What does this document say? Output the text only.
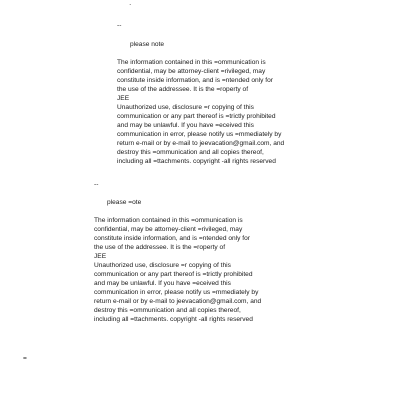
--
please note
The information contained in this =ommunication is
confidential, may be attorney-client =rivileged, may
constitute inside information, and is =ntended only for
the use of the addressee. It is the =roperty of
JEE
Unauthorized use, disclosure =r copying of this
communication or any part thereof is =trictly prohibited
and may be unlawful. If you have =eceived this
communication in error, please notify us =mmediately by
return e-mail or by e-mail to jeevacation@gmail.com, and
destroy this =ommunication and all copies thereof,
including all =ttachments. copyright -all rights reserved
--
please =ote
The information contained in this =ommunication is
confidential, may be attorney-client =rivileged, may
constitute inside information, and is =ntended only for
the use of the addressee. It is the =roperty of
JEE
Unauthorized use, disclosure =r copying of this
communication or any part thereof is =trictly prohibited
and may be unlawful. If you have =eceived this
communication in error, please notify us =mmediately by
return e-mail or by e-mail to jeevacation@gmail.com, and
destroy this =ommunication and all copies thereof,
including all =ttachments. copyright -all rights reserved
=
